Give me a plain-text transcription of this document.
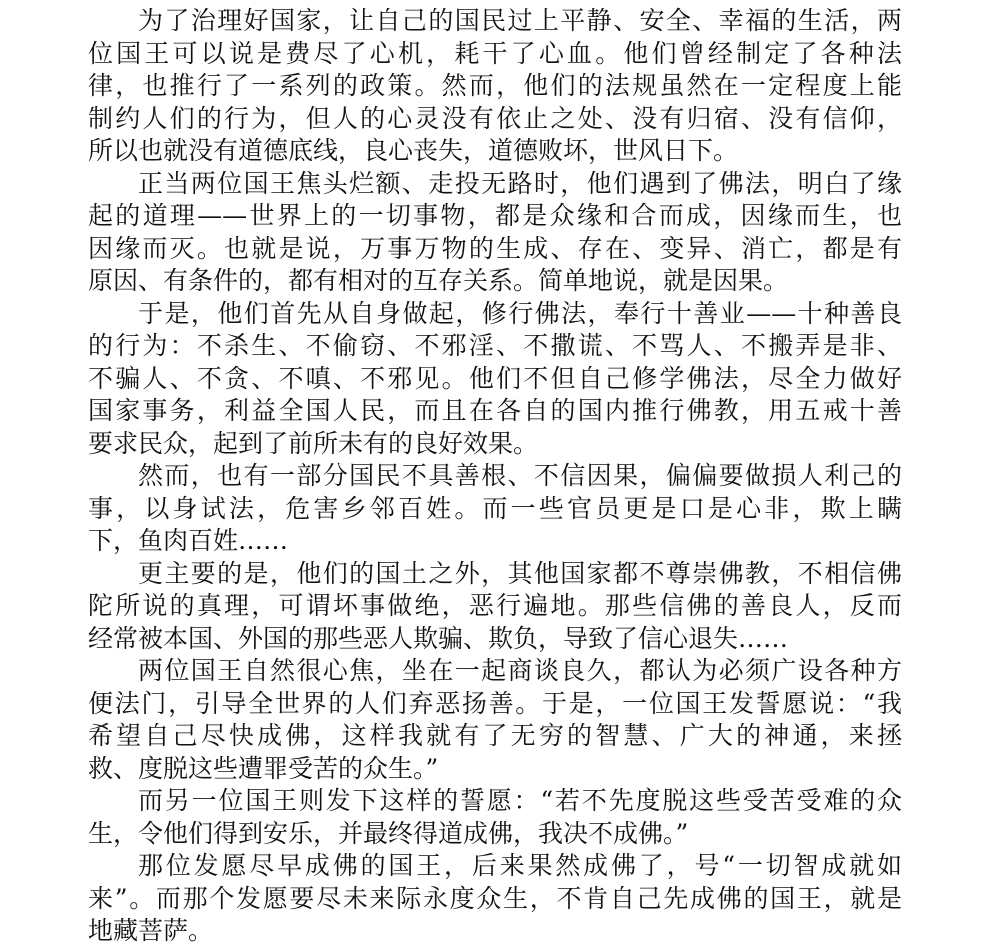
为了治理好国家，让自己的国民过上平静、安全、幸福的生活，两
位国王可以说是费尽了心机，耗干了心血。他们曾经制定了各种法
律，也推行了一系列的政策。然而，他们的法规虽然在一定程度上能
制约人们的行为，但人的心灵没有依止之处、没有归宿、没有信仰，
所以也就没有道德底线，良心丧失，道德败坏，世风日下。
正当两位国王焦头烂额、走投无路时，他们遇到了佛法，明白了缘
起的道理——世界上的一切事物，都是众缘和合而成，因缘而生，也
因缘而灭。也就是说，万事万物的生成、存在、变异、消亡，都是有
原因、有条件的，都有相对的互存关系。简单地说，就是因果。
于是，他们首先从自身做起，修行佛法，奉行十善业——十种善良
的行为：不杀生、不偷窃、不邪淫、不撒谎、不骂人、不搬弄是非、
不骗人、不贪、不嗔、不邪见。他们不但自己修学佛法，尽全力做好
国家事务，利益全国人民，而且在各自的国内推行佛教，用五戒十善
要求民众，起到了前所未有的良好效果。
然而，也有一部分国民不具善根、不信因果，偏偏要做损人利己的
事，以身试法，危害乡邻百姓。而一些官员更是口是心非，欺上瞒
下，鱼肉百姓……
更主要的是，他们的国土之外，其他国家都不尊崇佛教，不相信佛
陀所说的真理，可谓坏事做绝，恶行遍地。那些信佛的善良人，反而
经常被本国、外国的那些恶人欺骗、欺负，导致了信心退失……
两位国王自然很心焦，坐在一起商谈良久，都认为必须广设各种方
便法门，引导全世界的人们弃恶扬善。于是，一位国王发誓愿说：“我
希望自己尽快成佛，这样我就有了无穷的智慧、广大的神通，来拯
救、度脱这些遭罪受苦的众生。”
而另一位国王则发下这样的誓愿：“若不先度脱这些受苦受难的众
生，令他们得到安乐，并最终得道成佛，我决不成佛。”
那位发愿尽早成佛的国王，后来果然成佛了，号“一切智成就如
来”。而那个发愿要尽未来际永度众生，不肯自己先成佛的国王，就是
地藏菩萨。
